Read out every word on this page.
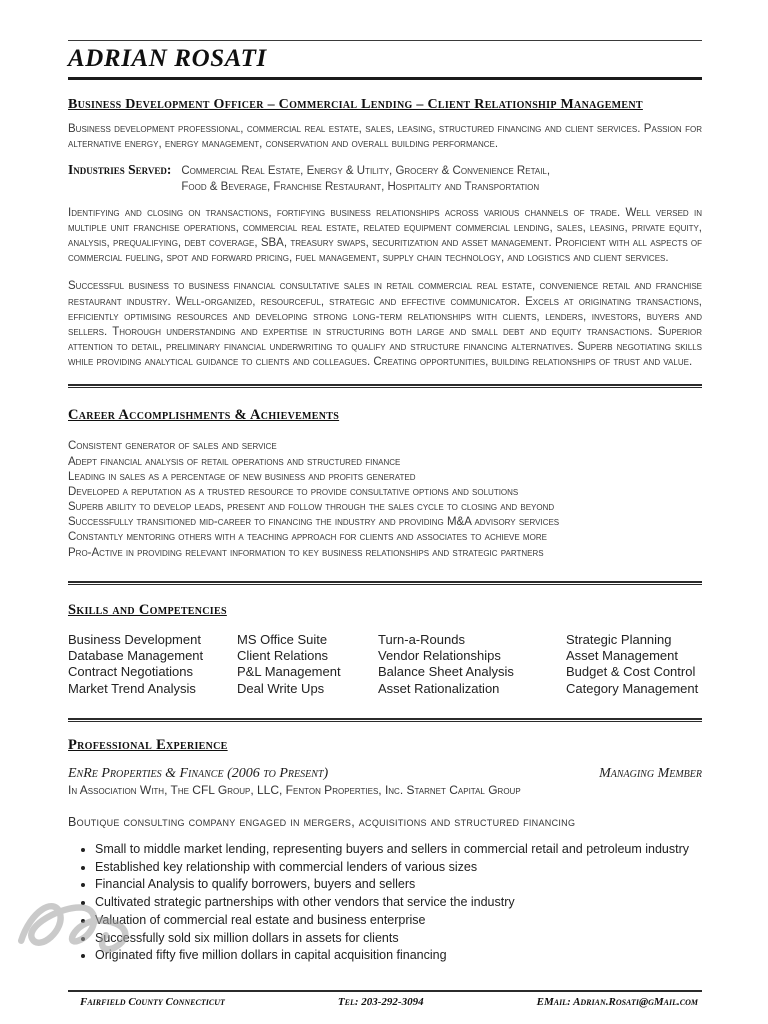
ADRIAN ROSATI
Business Development Officer – Commercial Lending – Client Relationship Management

Business development professional, commercial real estate, sales, leasing, structured financing and client services. Passion for alternative energy, energy management, conservation and overall building performance.

Industries Served: Commercial Real Estate, Energy & Utility, Grocery & Convenience Retail,
Food & Beverage, Franchise Restaurant, Hospitality and Transportation

Identifying and closing on transactions, fortifying business relationships across various channels of trade. Well versed in multiple unit franchise operations, commercial real estate, related equipment commercial lending, sales, leasing, private equity, analysis, prequalifying, debt coverage, SBA, treasury swaps, securitization and asset management. Proficient with all aspects of commercial fueling, spot and forward pricing, fuel management, supply chain technology, and logistics and client services.

Successful business to business financial consultative sales in retail commercial real estate, convenience retail and franchise restaurant industry. Well-organized, resourceful, strategic and effective communicator. Excels at originating transactions, efficiently optimising resources and developing strong long-term relationships with clients, lenders, investors, buyers and sellers. Thorough understanding and expertise in structuring both large and small debt and equity transactions. Superior attention to detail, preliminary financial underwriting to qualify and structure financing alternatives. Superb negotiating skills while providing analytical guidance to clients and colleagues. Creating opportunities, building relationships of trust and value.

Career Accomplishments & Achievements
Consistent generator of sales and service
Adept financial analysis of retail operations and structured finance
Leading in sales as a percentage of new business and profits generated
Developed a reputation as a trusted resource to provide consultative options and solutions
Superb ability to develop leads, present and follow through the sales cycle to closing and beyond
Successfully transitioned mid-career to financing the industry and providing M&A advisory services
Constantly mentoring others with a teaching approach for clients and associates to achieve more
Pro-Active in providing relevant information to key business relationships and strategic partners
Skills and Competencies
Business Development	MS Office Suite	Turn-a-Rounds	Strategic Planning
Database Management	Client Relations	Vendor Relationships	Asset Management
Contract Negotiations	P&L Management	Balance Sheet Analysis	Budget & Cost Control
Market Trend Analysis	Deal Write Ups	Asset Rationalization	Category Management
Professional Experience
EnRe Properties & Finance (2006 to Present)	Managing Member
In Association With, The CFL Group, LLC, Fenton Properties, Inc. Starnet Capital Group
Boutique consulting company engaged in mergers, acquisitions and structured financing
• Small to middle market lending, representing buyers and sellers in commercial retail and petroleum industry
• Established key relationship with commercial lenders of various sizes
• Financial Analysis to qualify borrowers, buyers and sellers
• Cultivated strategic partnerships with other vendors that service the industry
• Valuation of commercial real estate and business enterprise
• Successfully sold six million dollars in assets for clients
• Originated fifty five million dollars in capital acquisition financing
Fairfield County Connecticut	Tel: 203-292-3094	EMail: Adrian.Rosati@gMail.com
